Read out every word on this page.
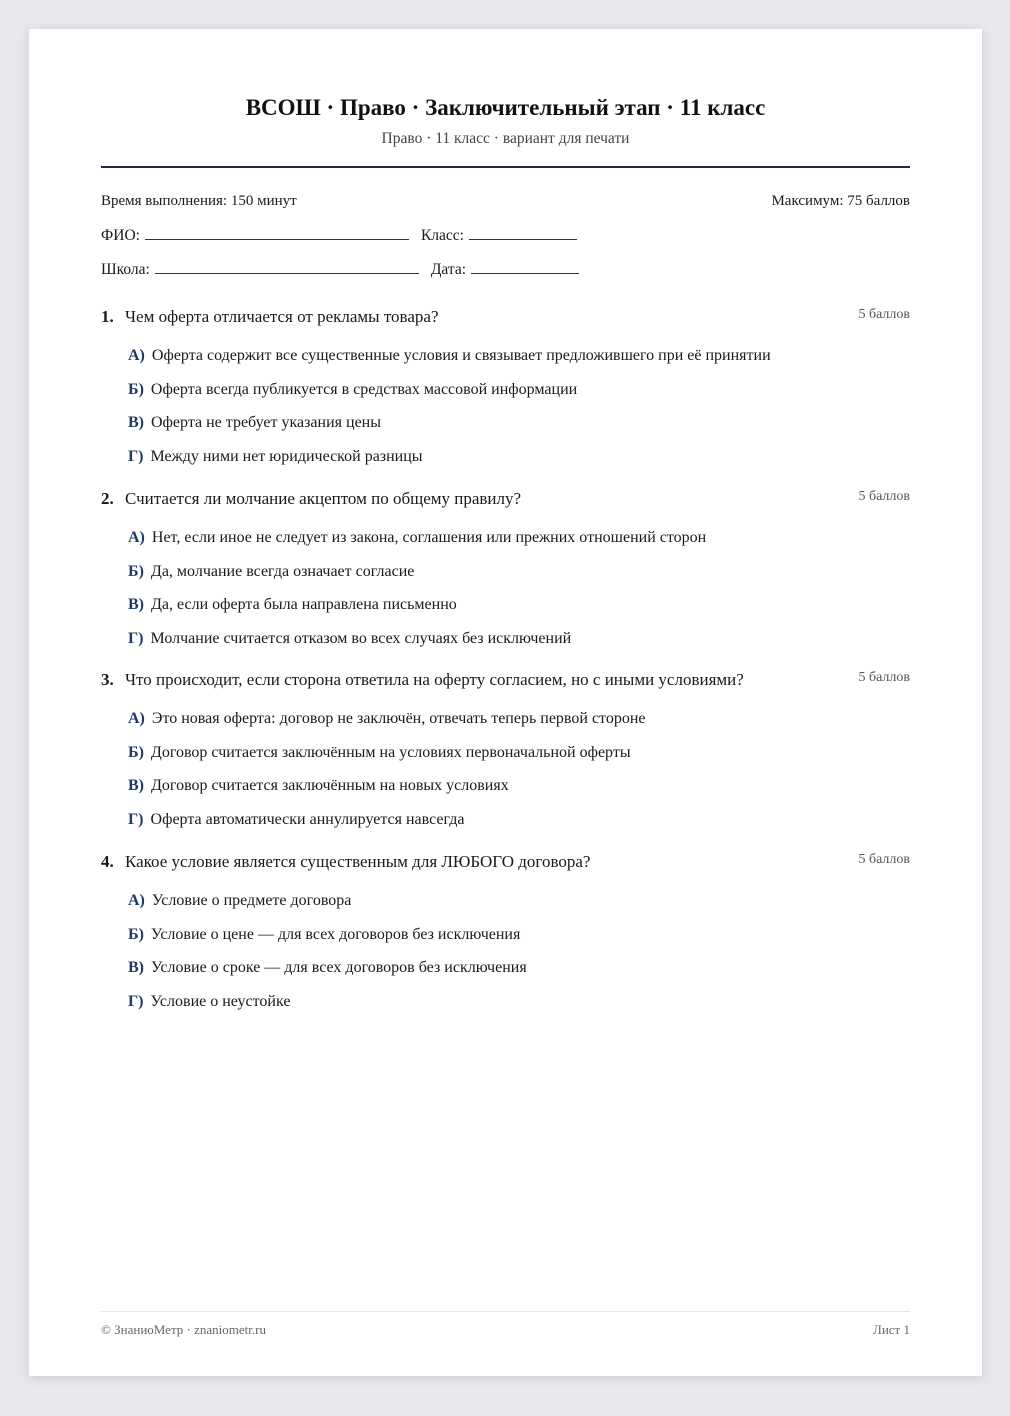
ВСОШ · Право · Заключительный этап · 11 класс
Право · 11 класс · вариант для печати
Время выполнения: 150 минут	Максимум: 75 баллов
ФИО:	Класс:
Школа:	Дата:
1. Чем оферта отличается от рекламы товара?	5 баллов
А) Оферта содержит все существенные условия и связывает предложившего при её принятии
Б) Оферта всегда публикуется в средствах массовой информации
В) Оферта не требует указания цены
Г) Между ними нет юридической разницы
2. Считается ли молчание акцептом по общему правилу?	5 баллов
А) Нет, если иное не следует из закона, соглашения или прежних отношений сторон
Б) Да, молчание всегда означает согласие
В) Да, если оферта была направлена письменно
Г) Молчание считается отказом во всех случаях без исключений
3. Что происходит, если сторона ответила на оферту согласием, но с иными условиями?	5 баллов
А) Это новая оферта: договор не заключён, отвечать теперь первой стороне
Б) Договор считается заключённым на условиях первоначальной оферты
В) Договор считается заключённым на новых условиях
Г) Оферта автоматически аннулируется навсегда
4. Какое условие является существенным для ЛЮБОГО договора?	5 баллов
А) Условие о предмете договора
Б) Условие о цене — для всех договоров без исключения
В) Условие о сроке — для всех договоров без исключения
Г) Условие о неустойке
© ЗнаниоМетр · znaniometr.ru	Лист 1
